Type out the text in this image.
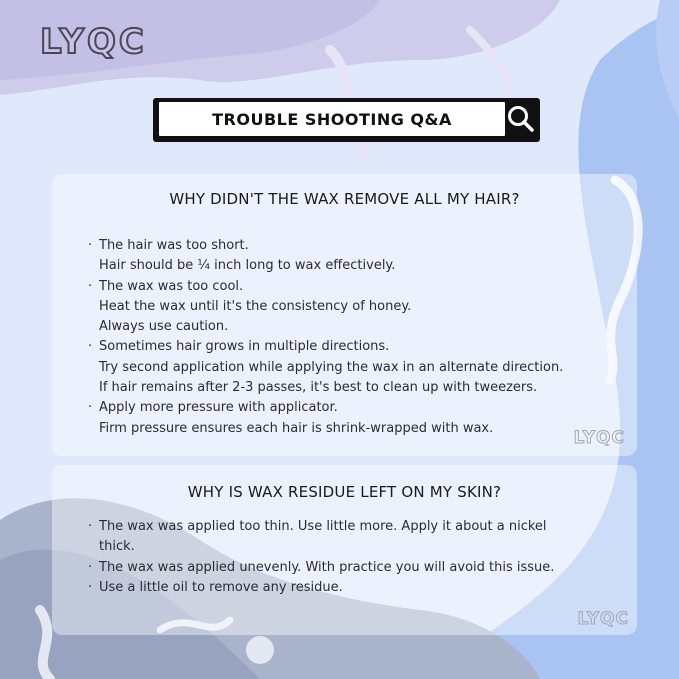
LYQC
TROUBLE SHOOTING Q&A
WHY DIDN'T THE WAX REMOVE ALL MY HAIR?
· The hair was too short.
Hair should be ¼ inch long to wax effectively.
· The wax was too cool.
Heat the wax until it's the consistency of honey.
Always use caution.
· Sometimes hair grows in multiple directions.
Try second application while applying the wax in an alternate direction.
If hair remains after 2-3 passes, it's best to clean up with tweezers.
· Apply more pressure with applicator.
Firm pressure ensures each hair is shrink-wrapped with wax.	LYQC
WHY IS WAX RESIDUE LEFT ON MY SKIN?
· The wax was applied too thin. Use little more. Apply it about a nickel
thick.
· The wax was applied unevenly. With practice you will avoid this issue.
· Use a little oil to remove any residue.
LYQC
